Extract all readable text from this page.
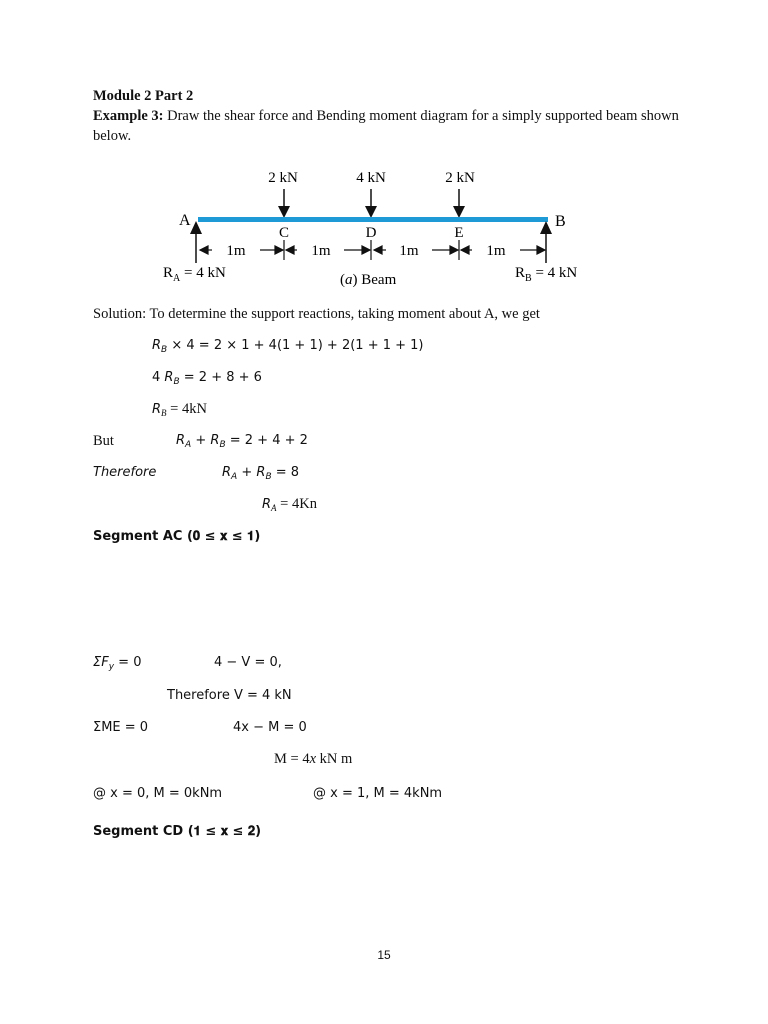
Module 2 Part 2
Example 3: Draw the shear force and Bending moment diagram for a simply supported beam shown below.
2 kN	4 kN	2 kN
A	B
C	D	E
1m	1m	1m	1m
$R_A = 4$ kN	(a) Beam	$R_B = 4$ kN
Solution: To determine the support reactions, taking moment about A, we get
$R_B \times 4 = 2 \times 1 + 4(1 + 1) + 2(1 + 1 + 1)$
4 $R_B = 2 + 8 + 6$
$R_B = 4kN$
But	$R_A + R_B = 2 + 4 + 2$
Therefore	$R_A + R_B = 8$
$R_A = 4Kn$
Segment AC (𝟎 ≤ 𝐱 ≤ 𝟏)
$\Sigma F_y = 0$	4 − V = 0,
Therefore V = 4 kN
ΣME = 0	4x − M = 0
M = 4x kN m
@ x = 0, M = 0kNm	@ x = 1, M = 4kNm
Segment CD (𝟏 ≤ 𝐱 ≤ 𝟐)
15
